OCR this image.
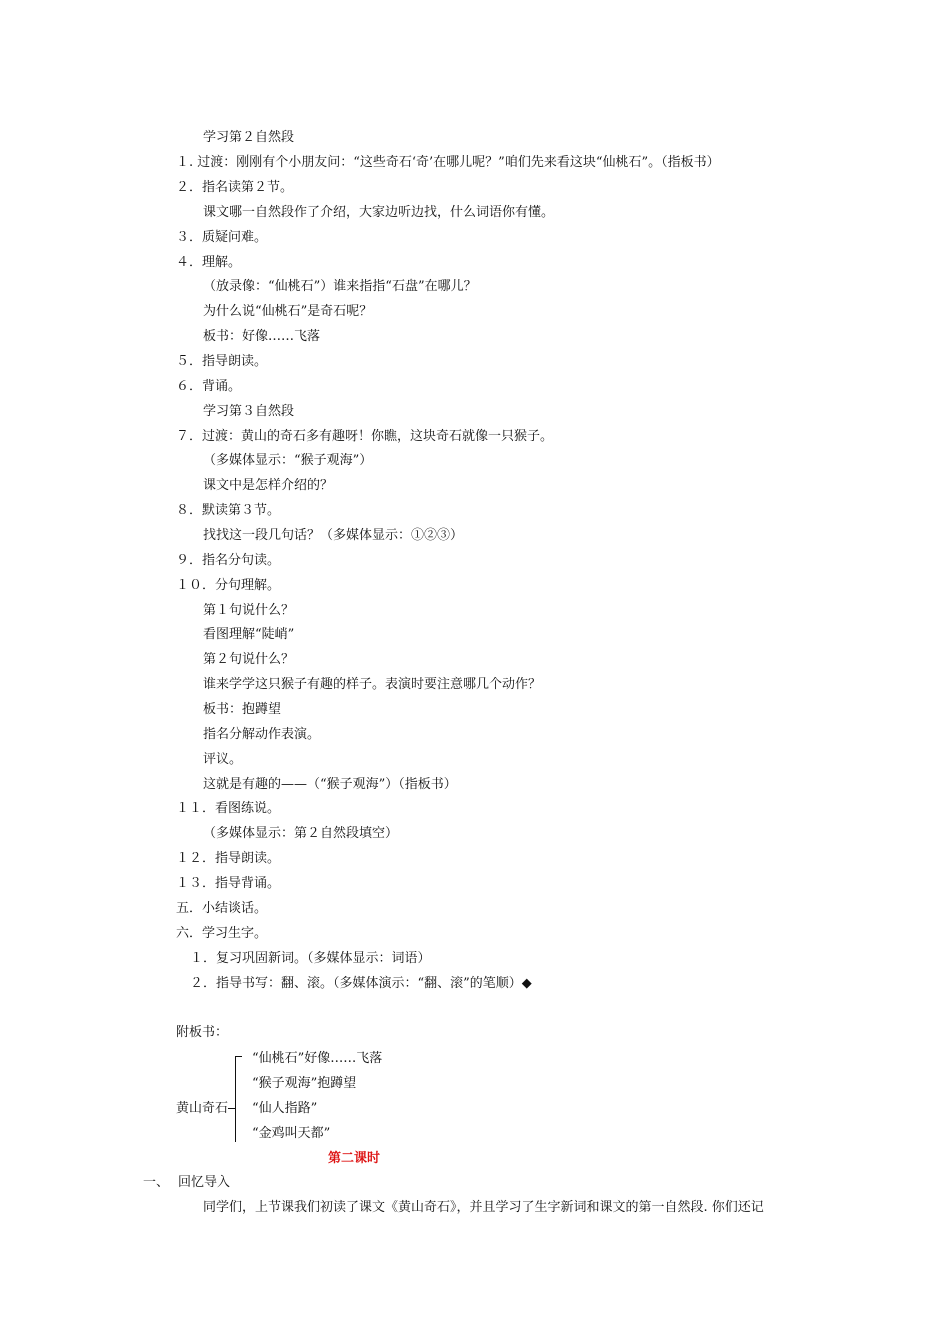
学习第２自然段

１. 过渡：刚刚有个小朋友问：“这些奇石‘奇’在哪儿呢？”咱们先来看这块“仙桃石”。（指板书）

２．指名读第２节。

课文哪一自然段作了介绍，大家边听边找，什么词语你有懂。

３．质疑问难。

４．理解。

（放录像：“仙桃石”）谁来指指“石盘”在哪儿？

为什么说“仙桃石”是奇石呢？

板书：好像……飞落

５．指导朗读。

６．背诵。

学习第３自然段

７．过渡：黄山的奇石多有趣呀！你瞧，这块奇石就像一只猴子。

（多媒体显示：“猴子观海”）

课文中是怎样介绍的？

８．默读第３节。

找找这一段几句话？（多媒体显示：①②③）

９．指名分句读。

１０．分句理解。

第１句说什么？

看图理解“陡峭”

第２句说什么？

谁来学学这只猴子有趣的样子。表演时要注意哪几个动作？

板书：抱蹲望

指名分解动作表演。

评议。

这就是有趣的——（“猴子观海”）（指板书）

１１．看图练说。

（多媒体显示：第２自然段填空）

１２．指导朗读。

１３．指导背诵。

五．小结谈话。

六．学习生字。

１．复习巩固新词。（多媒体显示：词语）

２．指导书写：翻、滚。（多媒体演示：“翻、滚”的笔顺）◆

附板书：

黄山奇石

“仙桃石”好像……飞落

“猴子观海”抱蹲望

“仙人指路”

“金鸡叫天都”

第二课时

一、 回忆导入

同学们，上节课我们初读了课文《黄山奇石》，并且学习了生字新词和课文的第一自然段. 你们还记
